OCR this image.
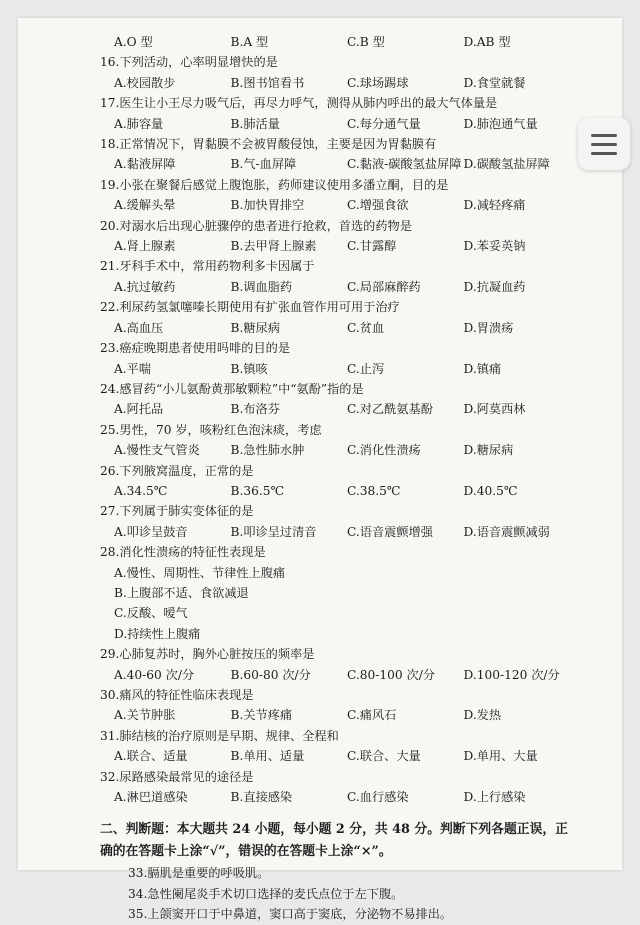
A.O 型	B.A 型	C.B 型	D.AB 型
16.下列活动，心率明显增快的是
A.校园散步	B.图书馆看书	C.球场踢球	D.食堂就餐
17.医生让小王尽力吸气后，再尽力呼气，测得从肺内呼出的最大气体量是
A.肺容量	B.肺活量	C.每分通气量	D.肺泡通气量
18.正常情况下，胃黏膜不会被胃酸侵蚀，主要是因为胃黏膜有
A.黏液屏障	B.气-血屏障	C.黏液-碳酸氢盐屏障 D.碳酸氢盐屏障
19.小张在聚餐后感觉上腹饱胀，药师建议使用多潘立酮，目的是
A.缓解头晕	B.加快胃排空	C.增强食欲	D.减轻疼痛
20.对溺水后出现心脏骤停的患者进行抢救，首选的药物是
A.肾上腺素	B.去甲肾上腺素	C.甘露醇	D.苯妥英钠
21.牙科手术中，常用药物利多卡因属于
A.抗过敏药	B.调血脂药	C.局部麻醉药	D.抗凝血药
22.利尿药氢氯噻嗪长期使用有扩张血管作用可用于治疗
A.高血压	B.糖尿病	C.贫血	D.胃溃疡
23.癌症晚期患者使用吗啡的目的是
A.平喘	B.镇咳	C.止泻	D.镇痛
24.感冒药“小儿氨酚黄那敏颗粒”中“氨酚”指的是
A.阿托品	B.布洛芬	C.对乙酰氨基酚	D.阿莫西林
25.男性，70 岁，咳粉红色泡沫痰，考虑
A.慢性支气管炎	B.急性肺水肿	C.消化性溃疡	D.糖尿病
26.下列腋窝温度，正常的是
A.34.5℃	B.36.5℃	C.38.5℃	D.40.5℃
27.下列属于肺实变体征的是
A.叩诊呈鼓音	B.叩诊呈过清音	C.语音震颤增强	D.语音震颤减弱
28.消化性溃疡的特征性表现是
A.慢性、周期性、节律性上腹痛
B.上腹部不适、食欲减退
C.反酸、嗳气
D.持续性上腹痛
29.心肺复苏时，胸外心脏按压的频率是
A.40-60 次/分	B.60-80 次/分	C.80-100 次/分	D.100-120 次/分
30.痛风的特征性临床表现是
A.关节肿胀	B.关节疼痛	C.痛风石	D.发热
31.肺结核的治疗原则是早期、规律、全程和
A.联合、适量	B.单用、适量	C.联合、大量	D.单用、大量
32.尿路感染最常见的途径是
A.淋巴道感染	B.直接感染	C.血行感染	D.上行感染
二、判断题：本大题共 24 小题，每小题 2 分，共 48 分。判断下列各题正误，正确的在答题卡上涂“√”，错误的在答题卡上涂“×”。
33.膈肌是重要的呼吸肌。
34.急性阑尾炎手术切口选择的麦氏点位于左下腹。
35.上颌窦开口于中鼻道，窦口高于窦底，分泌物不易排出。
